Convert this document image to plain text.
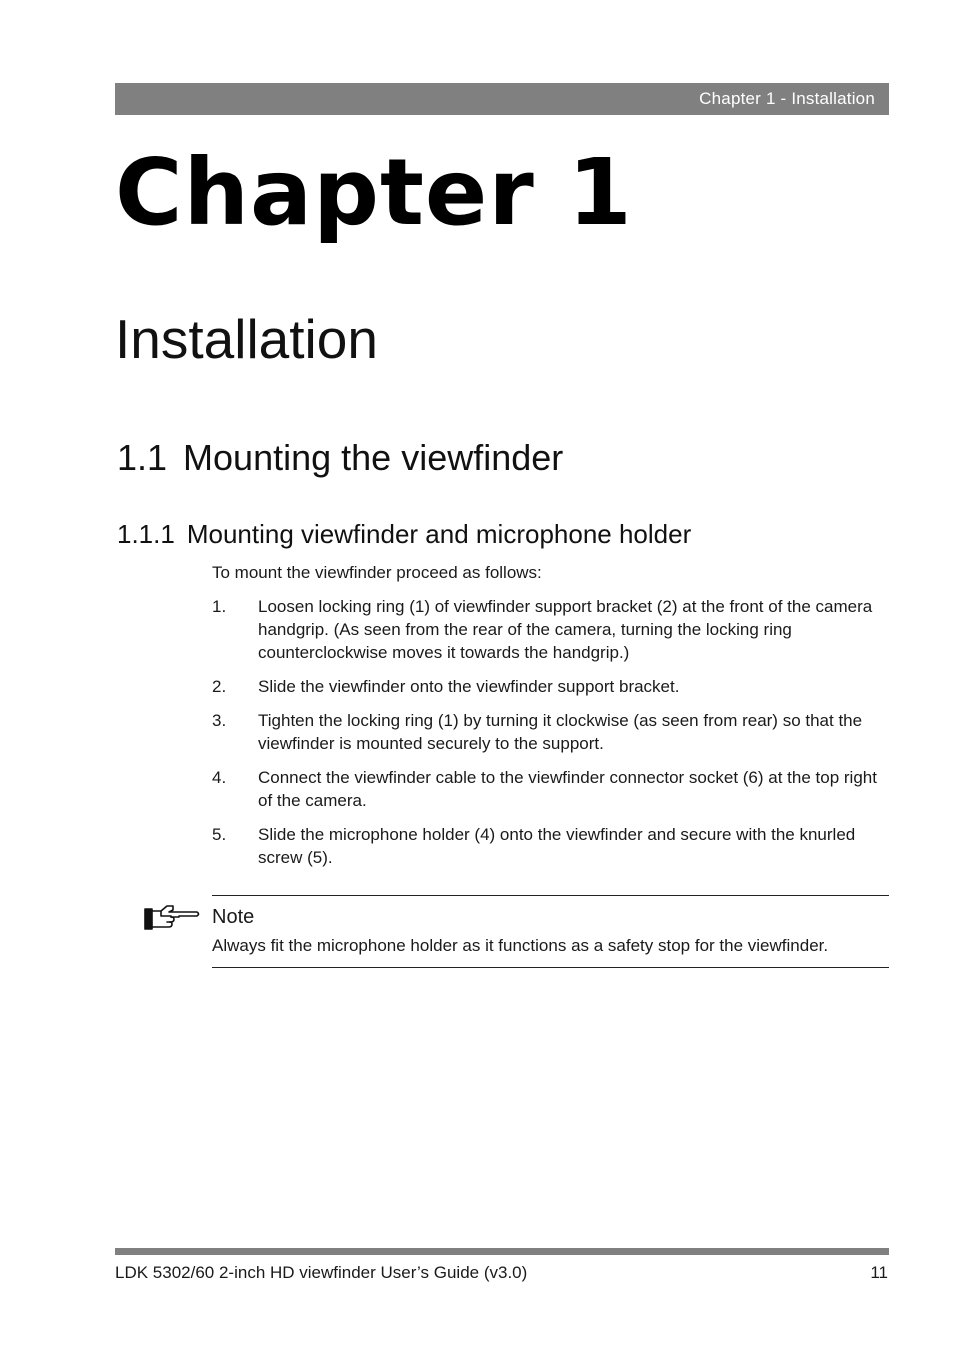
Chapter 1 - Installation
Chapter 1
Installation
1.1 Mounting the viewfinder
1.1.1 Mounting viewfinder and microphone holder

To mount the viewfinder proceed as follows:

1.	Loosen locking ring (1) of viewfinder support bracket (2) at the front of the camera handgrip. (As seen from the rear of the camera, turning the locking ring counterclockwise moves it towards the handgrip.)
2.	Slide the viewfinder onto the viewfinder support bracket.
3.	Tighten the locking ring (1) by turning it clockwise (as seen from rear) so that the viewfinder is mounted securely to the support.
4.	Connect the viewfinder cable to the viewfinder connector socket (6) at the top right of the camera.
5.	Slide the microphone holder (4) onto the viewfinder and secure with the knurled screw (5).

Note

Always fit the microphone holder as it functions as a safety stop for the viewfinder.

LDK 5302/60 2-inch HD viewfinder User’s Guide (v3.0)	11
